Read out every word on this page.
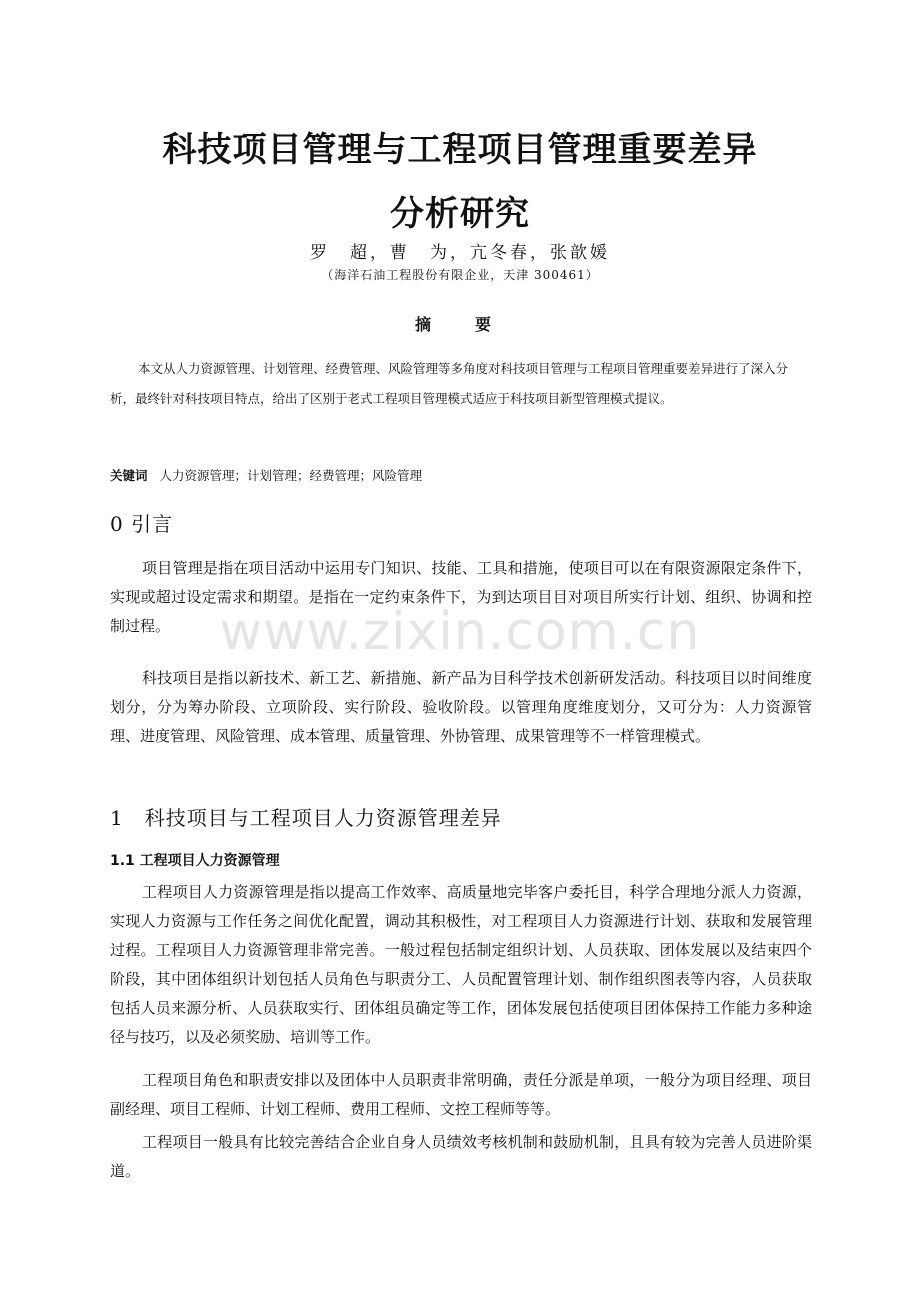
科技项目管理与工程项目管理重要差异
分析研究
罗　超，曹　为，亢冬春，张歆媛
（海洋石油工程股份有限企业，天津 300461）
摘　要

本文从人力资源管理、计划管理、经费管理、风险管理等多角度对科技项目管理与工程项目管理重要差异进行了深入分析，最终针对科技项目特点，给出了区别于老式工程项目管理模式适应于科技项目新型管理模式提议。

关键词 人力资源管理；计划管理；经费管理；风险管理
0 引言

项目管理是指在项目活动中运用专门知识、技能、工具和措施，使项目可以在有限资源限定条件下，实现或超过设定需求和期望。是指在一定约束条件下，为到达项目目对项目所实行计划、组织、协调和控制过程。

科技项目是指以新技术、新工艺、新措施、新产品为目科学技术创新研发活动。科技项目以时间维度划分，分为筹办阶段、立项阶段、实行阶段、验收阶段。以管理角度维度划分，又可分为：人力资源管理、进度管理、风险管理、成本管理、质量管理、外协管理、成果管理等不一样管理模式。

1　科技项目与工程项目人力资源管理差异
1.1 工程项目人力资源管理

工程项目人力资源管理是指以提高工作效率、高质量地完毕客户委托目，科学合理地分派人力资源，实现人力资源与工作任务之间优化配置，调动其积极性，对工程项目人力资源进行计划、获取和发展管理过程。工程项目人力资源管理非常完善。一般过程包括制定组织计划、人员获取、团体发展以及结束四个阶段，其中团体组织计划包括人员角色与职责分工、人员配置管理计划、制作组织图表等内容，人员获取包括人员来源分析、人员获取实行、团体组员确定等工作，团体发展包括使项目团体保持工作能力多种途径与技巧，以及必须奖励、培训等工作。

工程项目角色和职责安排以及团体中人员职责非常明确，责任分派是单项，一般分为项目经理、项目副经理、项目工程师、计划工程师、费用工程师、文控工程师等等。

工程项目一般具有比较完善结合企业自身人员绩效考核机制和鼓励机制，且具有较为完善人员进阶渠道。

www.zixin.com.cn
